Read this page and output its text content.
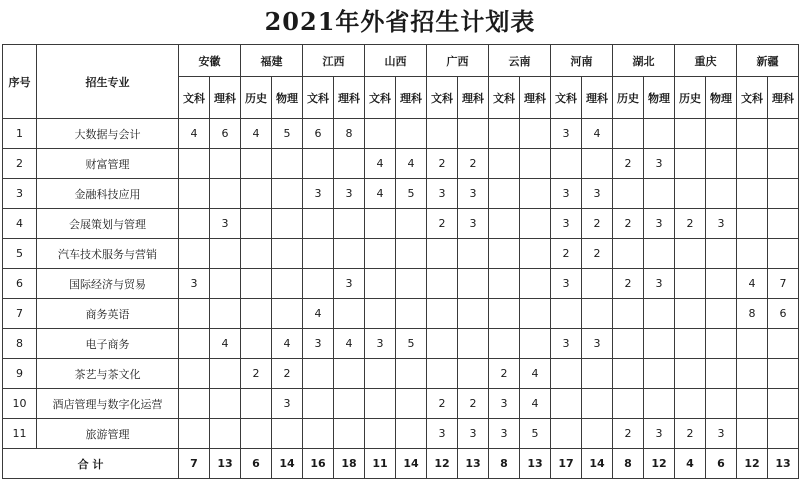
2021年外省招生计划表
序号	招生专业	安徽		福建		江西		山西		广西		云南		河南		湖北		重庆		新疆	
		文科	理科	历史	物理	文科	理科	文科	理科	文科	理科	文科	理科	文科	理科	历史	物理	历史	物理	文科	理科
1	大数据与会计	4	6	4	5	6	8							3	4						
2	财富管理							4	4	2	2					2	3				
3	金融科技应用					3	3	4	5	3	3			3	3						
4	会展策划与管理		3							2	3			3	2	2	3	2	3		
5	汽车技术服务与营销													2	2						
6	国际经济与贸易	3					3							3		2	3			4	7
7	商务英语					4														8	6
8	电子商务		4		4	3	4	3	5					3	3						
9	茶艺与茶文化			2	2							2	4								
10	酒店管理与数字化运营				3					2	2	3	4								
11	旅游管理									3	3	3	5			2	3	2	3		
合 计		7	13	6	14	16	18	11	14	12	13	8	13	17	14	8	12	4	6	12	13
